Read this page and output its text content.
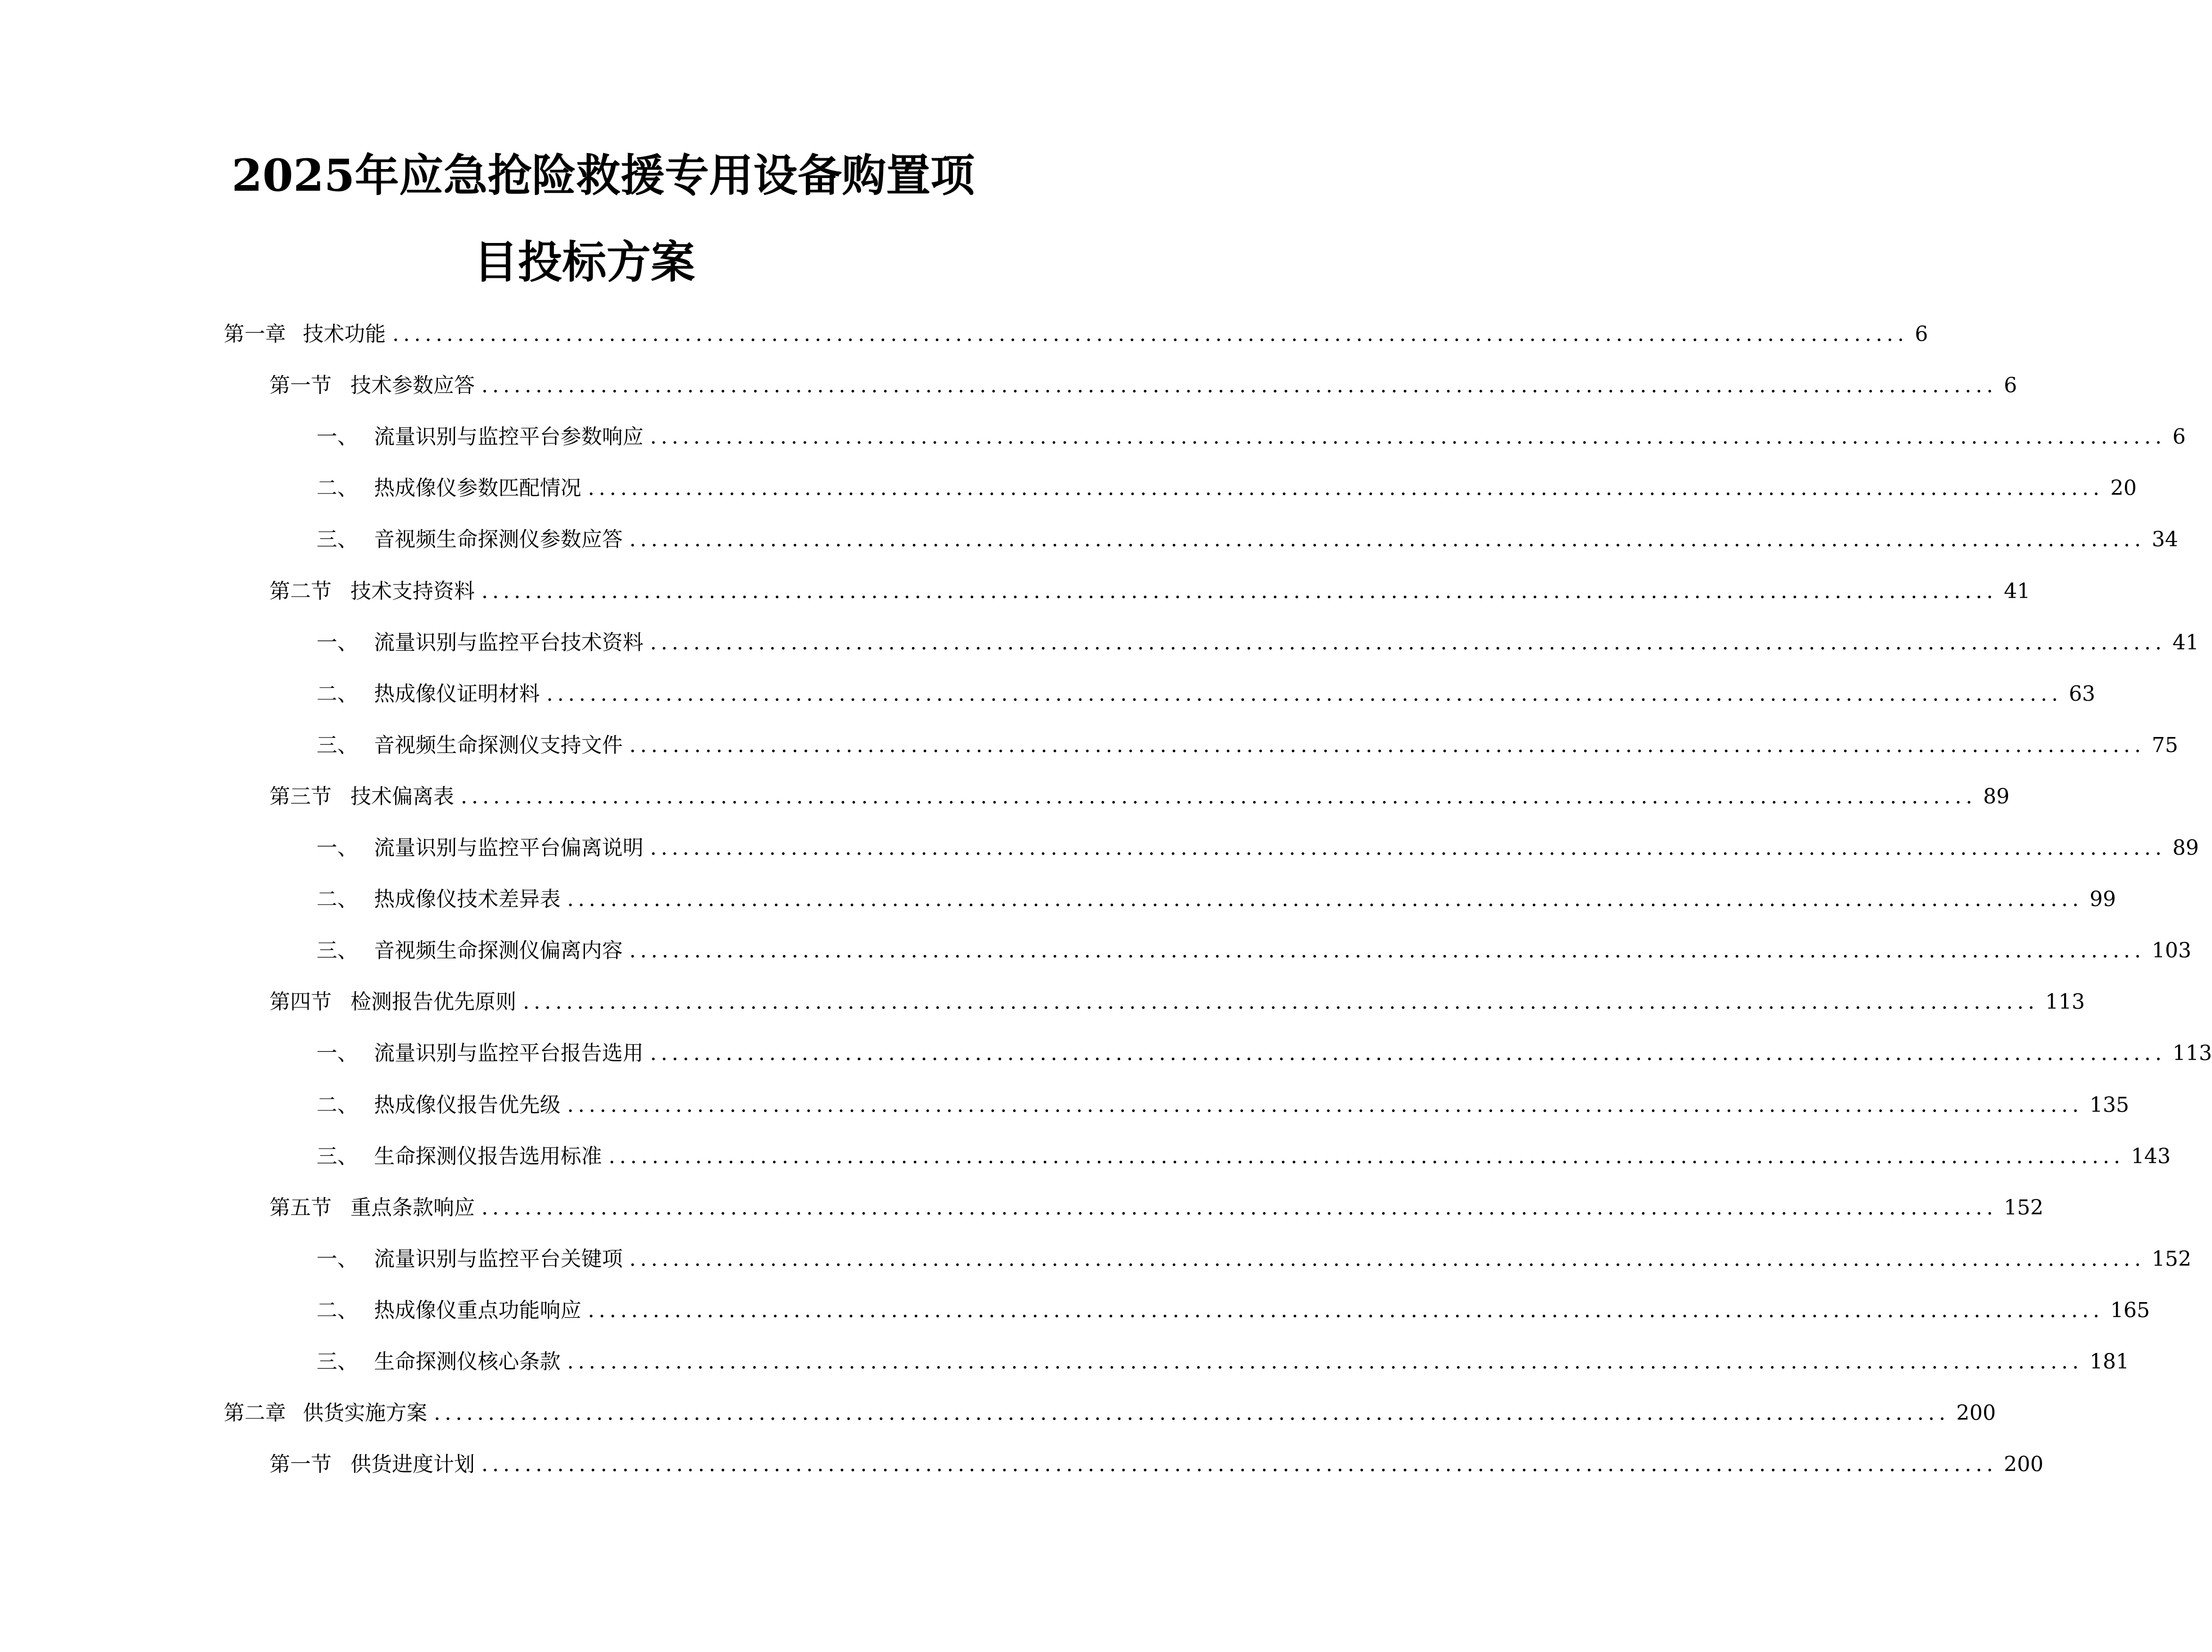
2025年应急抢险救援专用设备购置项
目投标方案
第一章 技术功能 ............................................................................................................................................ 6
第一节 技术参数应答 ............................................................................................................................................ 6
一、 流量识别与监控平台参数响应 ............................................................................................................................................ 6
二、 热成像仪参数匹配情况 ............................................................................................................................................ 20
三、 音视频生命探测仪参数应答 ............................................................................................................................................ 34
第二节 技术支持资料 ............................................................................................................................................ 41
一、 流量识别与监控平台技术资料 ............................................................................................................................................ 41
二、 热成像仪证明材料 ............................................................................................................................................ 63
三、 音视频生命探测仪支持文件 ............................................................................................................................................ 75
第三节 技术偏离表 ............................................................................................................................................ 89
一、 流量识别与监控平台偏离说明 ............................................................................................................................................ 89
二、 热成像仪技术差异表 ............................................................................................................................................ 99
三、 音视频生命探测仪偏离内容 ............................................................................................................................................ 103
第四节 检测报告优先原则 ............................................................................................................................................ 113
一、 流量识别与监控平台报告选用 ............................................................................................................................................ 113
二、 热成像仪报告优先级 ............................................................................................................................................ 135
三、 生命探测仪报告选用标准 ............................................................................................................................................ 143
第五节 重点条款响应 ............................................................................................................................................ 152
一、 流量识别与监控平台关键项 ............................................................................................................................................ 152
二、 热成像仪重点功能响应 ............................................................................................................................................ 165
三、 生命探测仪核心条款 ............................................................................................................................................ 181
第二章 供货实施方案 ............................................................................................................................................ 200
第一节 供货进度计划 ............................................................................................................................................ 200
